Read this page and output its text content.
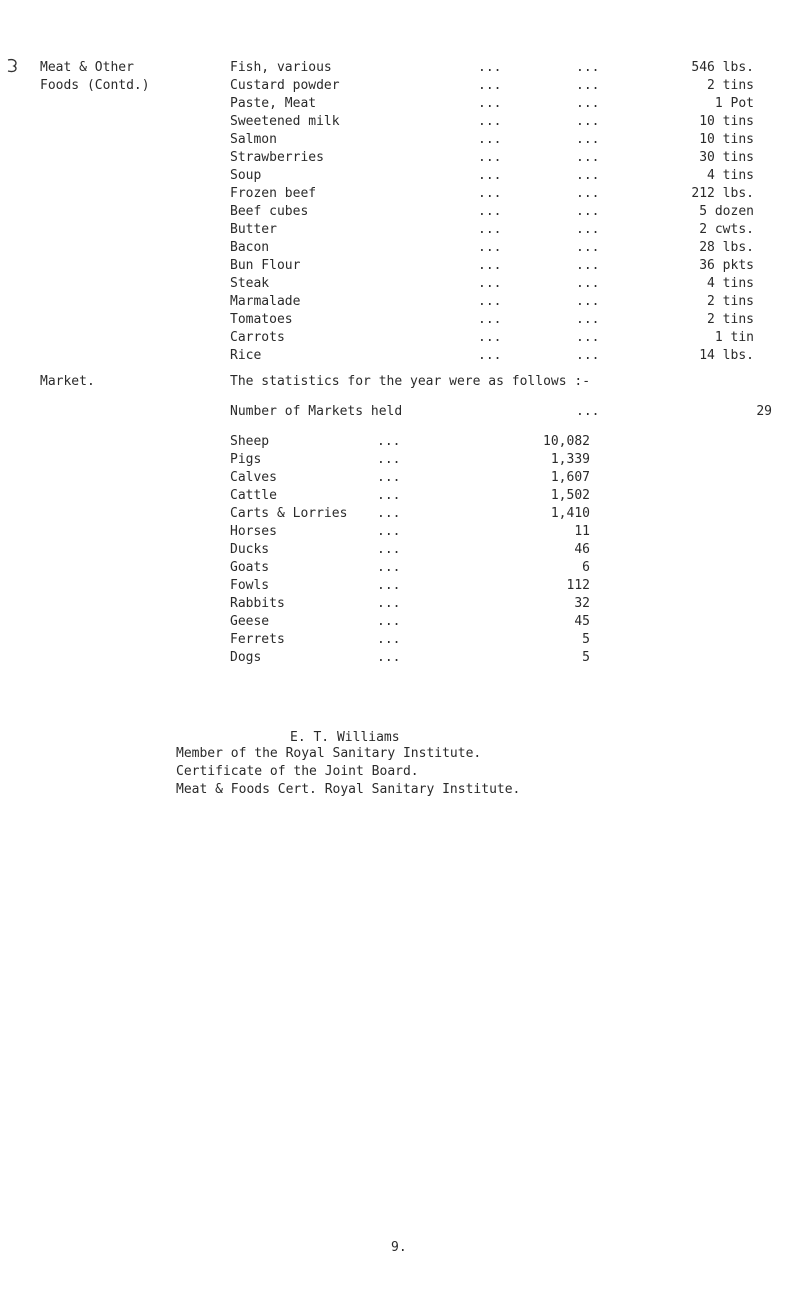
Meat & Other
Foods (Contd.)
Fish, various	...	...	546 lbs.
Custard powder	...	...	2 tins
Paste, Meat	...	...	1 Pot
Sweetened milk	...	...	10 tins
Salmon	...	...	10 tins
Strawberries	...	...	30 tins
Soup	...	...	4 tins
Frozen beef	...	...	212 lbs.
Beef cubes	...	...	5 dozen
Butter	...	...	2 cwts.
Bacon	...	...	28 lbs.
Bun Flour	...	...	36 pkts
Steak	...	...	4 tins
Marmalade	...	...	2 tins
Tomatoes	...	...	2 tins
Carrots	...	...	1 tin
Rice	...	...	14 lbs.
Market.	The statistics for the year were as follows :-
Number of Markets held	...	29
Sheep	...	10,082
Pigs	...	1,339
Calves	...	1,607
Cattle	...	1,502
Carts & Lorries ...	1,410
Horses	...	11
Ducks	...	46
Goats	...	6
Fowls	...	112
Rabbits	...	32
Geese	...	45
Ferrets	...	5
Dogs	...	5
E. T. Williams
Member of the Royal Sanitary Institute.
Certificate of the Joint Board.
Meat & Foods Cert. Royal Sanitary Institute.
9.
